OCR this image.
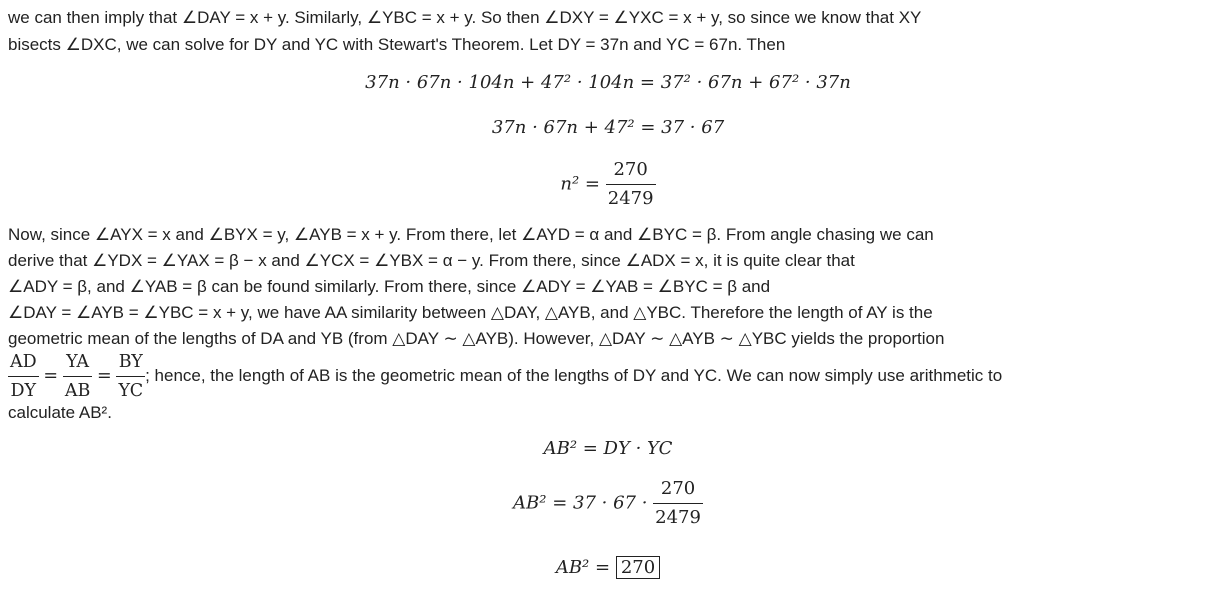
we can then imply that ∠DAY = x + y. Similarly, ∠YBC = x + y. So then ∠DXY = ∠YXC = x + y, so since we know that XY
bisects ∠DXC, we can solve for DY and YC with Stewart's Theorem. Let DY = 37n and YC = 67n. Then
37n · 67n · 104n + 47² · 104n = 37² · 67n + 67² · 37n
37n · 67n + 47² = 37 · 67
$n^2 = \frac{270}{2479}$
Now, since ∠AYX = x and ∠BYX = y, ∠AYB = x + y. From there, let ∠AYD = α and ∠BYC = β. From angle chasing we can
derive that ∠YDX = ∠YAX = β − x and ∠YCX = ∠YBX = α − y. From there, since ∠ADX = x, it is quite clear that
∠ADY = β, and ∠YAB = β can be found similarly. From there, since ∠ADY = ∠YAB = ∠BYC = β and
∠DAY = ∠AYB = ∠YBC = x + y, we have AA similarity between △DAY, △AYB, and △YBC. Therefore the length of AY is the
geometric mean of the lengths of DA and YB (from △DAY ∼ △AYB). However, △DAY ∼ △AYB ∼ △YBC yields the proportion
$\frac{AD}{DY} = \frac{YA}{AB} = \frac{BY}{YC}$ ; hence, the length of AB is the geometric mean of the lengths of DY and YC. We can now simply use arithmetic to
calculate AB².
AB² = DY · YC
$AB^2 = 37 \cdot 67 \cdot \frac{270}{2479}$
AB² = 270
